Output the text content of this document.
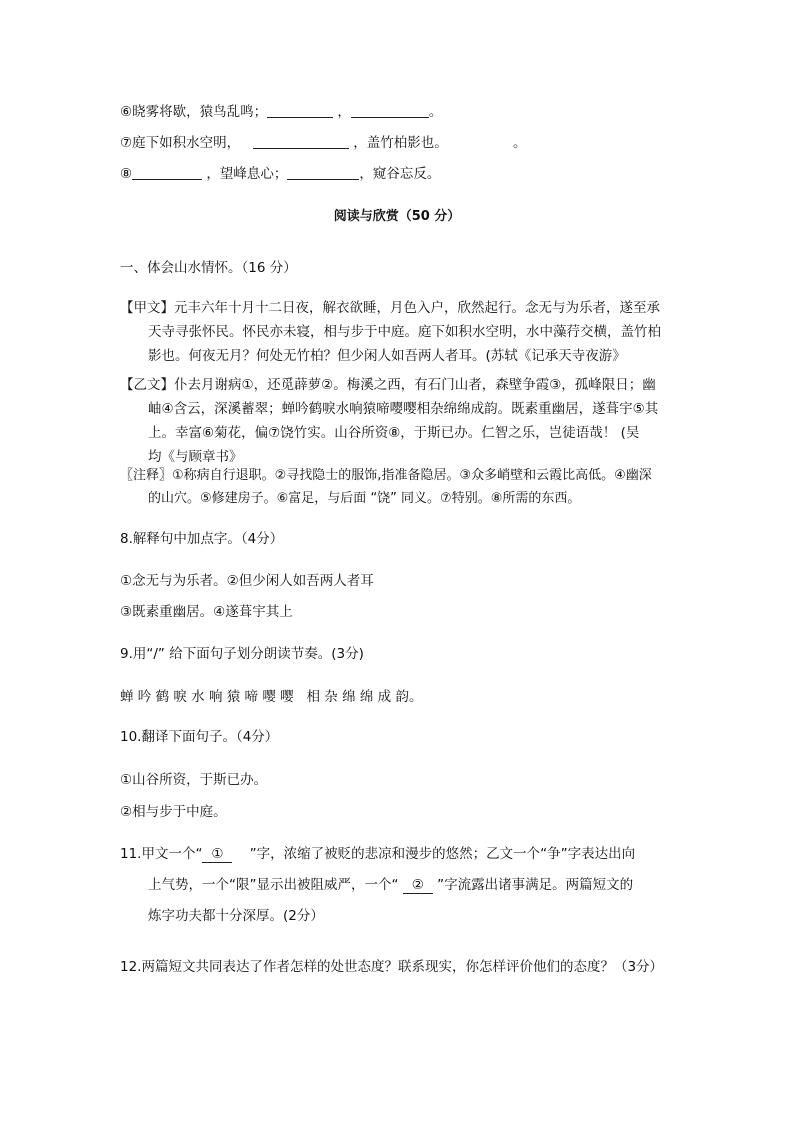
⑥晓雾将歇，猿鸟乱鸣；	，	。
⑦庭下如积水空明，	，盖竹柏影也。	。
⑧	，望峰息心；	，窥谷忘反。
阅读与欣赏（50 分）
一、体会山水情怀。（16 分）
【甲文】元丰六年十月十二日夜，解衣欲睡，月色入户，欣然起行。念无与为乐者，遂至承
天寺寻张怀民。怀民亦未寝，相与步于中庭。庭下如积水空明，水中藻荇交横，盖竹柏
影也。何夜无月？何处无竹柏？但少闲人如吾两人者耳。(苏轼《记承天寺夜游》
【乙文】仆去月谢病①，还觅薜萝②。梅溪之西，有石门山者，森壁争霞③，孤峰限日；幽
岫④含云，深溪蓄翠；蝉吟鹤唳水响猿啼嘤嘤相杂绵绵成韵。既素重幽居，遂葺宇⑤其
上。幸富⑥菊花，偏⑦饶竹实。山谷所资⑧，于斯已办。仁智之乐，岂徒语哉！ (吴
均《与顾章书》
〖注释〗①称病自行退职。②寻找隐士的服饰,指准备隐居。③众多峭壁和云霞比高低。④幽深
的山穴。⑤修建房子。⑥富足，与后面 “饶” 同义。⑦特别。⑧所需的东西。
8.解释句中加点字。（4分）
①念无与为乐者。②但少闲人如吾两人者耳
③既素重幽居。④遂葺宇其上
9.用“/” 给下面句子划分朗读节奏。(3分)
蝉 吟 鹤 唳 水 响 猿 啼 嘤 嘤   相 杂 绵 绵 成 韵。
10.翻译下面句子。（4分）
①山谷所资，于斯已办。
②相与步于中庭。
11.甲文一个“ ① ”字，浓缩了被贬的悲凉和漫步的悠然；乙文一个“争”字表达出向
上气势，一个“限”显示出被阻威严，一个“ ② ”字流露出诸事满足。两篇短文的
炼字功夫都十分深厚。(2分）
12.两篇短文共同表达了作者怎样的处世态度？联系现实，你怎样评价他们的态度？（3分）
